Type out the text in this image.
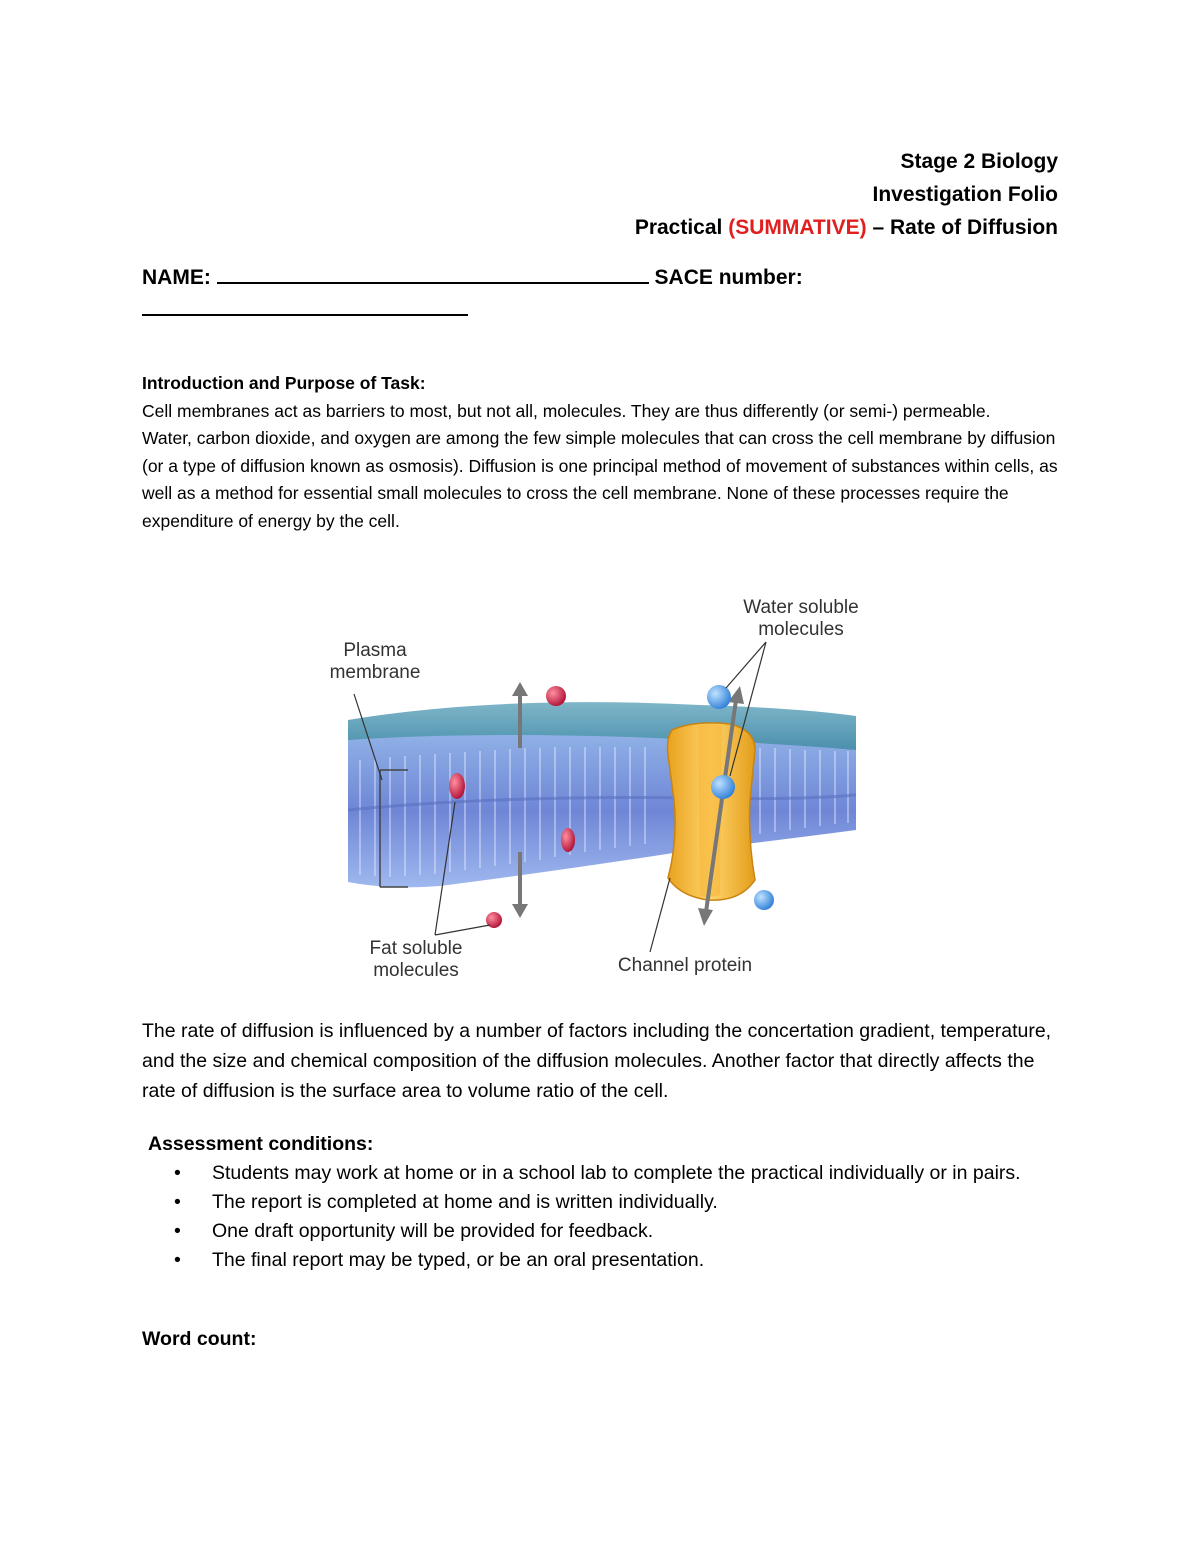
Stage 2 Biology
Investigation Folio
Practical (SUMMATIVE) – Rate of Diffusion
NAME:	SACE number:

Introduction and Purpose of Task:

Cell membranes act as barriers to most, but not all, molecules. They are thus differently (or semi-) permeable.

Water, carbon dioxide, and oxygen are among the few simple molecules that can cross the cell membrane by diffusion (or a type of diffusion known as osmosis). Diffusion is one principal method of movement of substances within cells, as well as a method for essential small molecules to cross the cell membrane. None of these processes require the expenditure of energy by the cell.

Plasma
membrane
Water soluble
molecules
Fat soluble
molecules	Channel protein

The rate of diffusion is influenced by a number of factors including the concertation gradient, temperature, and the size and chemical composition of the diffusion molecules. Another factor that directly affects the rate of diffusion is the surface area to volume ratio of the cell.

Assessment conditions:
• Students may work at home or in a school lab to complete the practical individually or in pairs.
• The report is completed at home and is written individually.
• One draft opportunity will be provided for feedback.
• The final report may be typed, or be an oral presentation.
Word count:
